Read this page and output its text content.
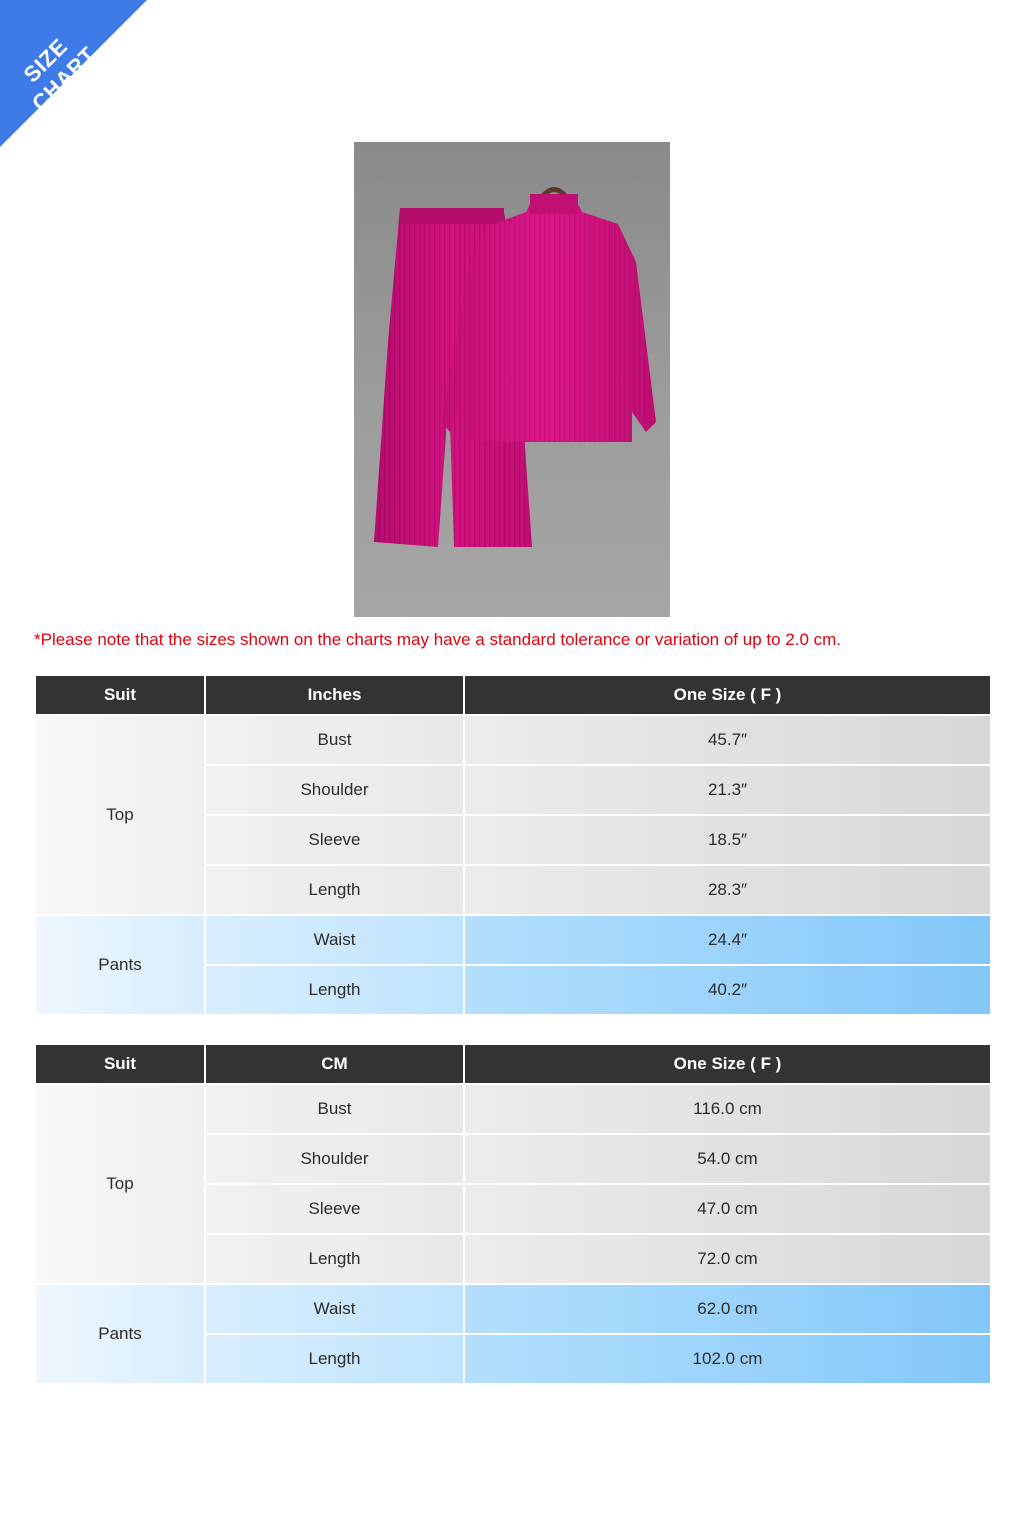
SIZE CHART
*Please note that the sizes shown on the charts may have a standard tolerance or variation of up to 2.0 cm.
Suit	Inches	One Size ( F )
Top	Bust	45.7″
	Shoulder	21.3″
	Sleeve	18.5″
	Length	28.3″
Pants	Waist	24.4″
	Length	40.2″
Suit	CM	One Size ( F )
Top	Bust	116.0 cm
	Shoulder	54.0 cm
	Sleeve	47.0 cm
	Length	72.0 cm
Pants	Waist	62.0 cm
	Length	102.0 cm
